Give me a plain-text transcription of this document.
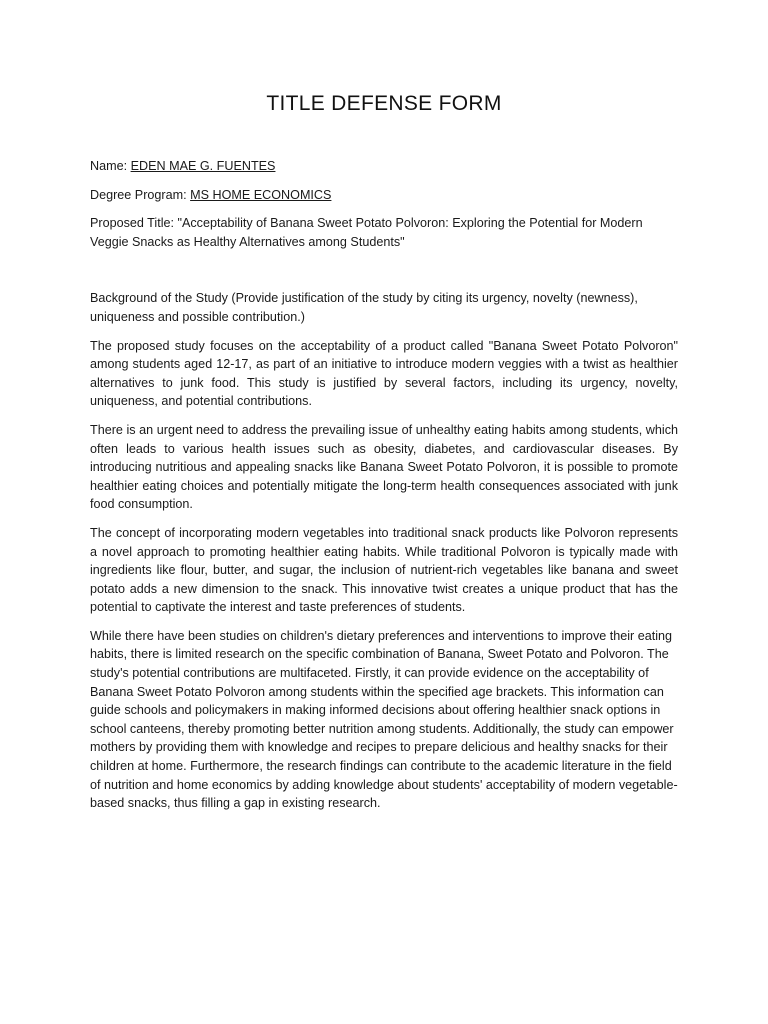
TITLE DEFENSE FORM

Name: EDEN MAE G. FUENTES

Degree Program: MS HOME ECONOMICS

Proposed Title: "Acceptability of Banana Sweet Potato Polvoron: Exploring the Potential for Modern Veggie Snacks as Healthy Alternatives among Students"

Background of the Study (Provide justification of the study by citing its urgency, novelty (newness), uniqueness and possible contribution.)

The proposed study focuses on the acceptability of a product called "Banana Sweet Potato Polvoron" among students aged 12-17, as part of an initiative to introduce modern veggies with a twist as healthier alternatives to junk food. This study is justified by several factors, including its urgency, novelty, uniqueness, and potential contributions.

There is an urgent need to address the prevailing issue of unhealthy eating habits among students, which often leads to various health issues such as obesity, diabetes, and cardiovascular diseases. By introducing nutritious and appealing snacks like Banana Sweet Potato Polvoron, it is possible to promote healthier eating choices and potentially mitigate the long-term health consequences associated with junk food consumption.

The concept of incorporating modern vegetables into traditional snack products like Polvoron represents a novel approach to promoting healthier eating habits. While traditional Polvoron is typically made with ingredients like flour, butter, and sugar, the inclusion of nutrient-rich vegetables like banana and sweet potato adds a new dimension to the snack. This innovative twist creates a unique product that has the potential to captivate the interest and taste preferences of students.

While there have been studies on children's dietary preferences and interventions to improve their eating habits, there is limited research on the specific combination of Banana, Sweet Potato and Polvoron. The study's potential contributions are multifaceted. Firstly, it can provide evidence on the acceptability of Banana Sweet Potato Polvoron among students within the specified age brackets. This information can guide schools and policymakers in making informed decisions about offering healthier snack options in school canteens, thereby promoting better nutrition among students. Additionally, the study can empower mothers by providing them with knowledge and recipes to prepare delicious and healthy snacks for their children at home. Furthermore, the research findings can contribute to the academic literature in the field of nutrition and home economics by adding knowledge about students' acceptability of modern vegetable-based snacks, thus filling a gap in existing research.
